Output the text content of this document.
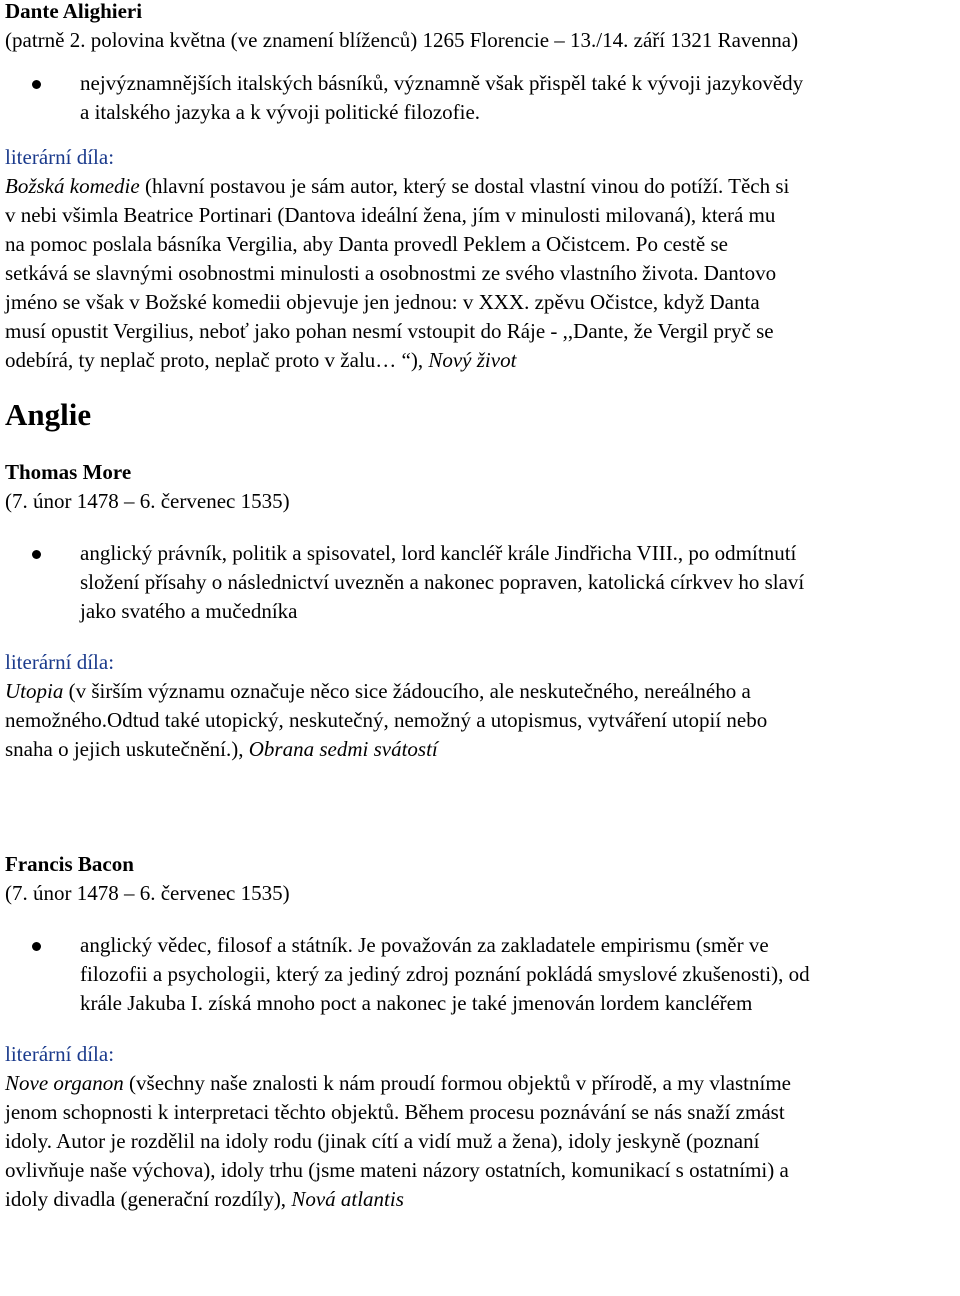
Dante Alighieri
(patrně 2. polovina května (ve znamení blíženců) 1265 Florencie – 13./14. září 1321 Ravenna)
nejvýznamnějších italských básníků, významně však přispěl také k vývoji jazykovědy
a italského jazyka a k vývoji politické filozofie.
literární díla:
Božská komedie (hlavní postavou je sám autor, který se dostal vlastní vinou do potíží. Těch si
v nebi všimla Beatrice Portinari (Dantova ideální žena, jím v minulosti milovaná), která mu
na pomoc poslala básníka Vergilia, aby Danta provedl Peklem a Očistcem. Po cestě se
setkává se slavnými osobnostmi minulosti a osobnostmi ze svého vlastního života. Dantovo
jméno se však v Božské komedii objevuje jen jednou: v XXX. zpěvu Očistce, když Danta
musí opustit Vergilius, neboť jako pohan nesmí vstoupit do Ráje - ,,Dante, že Vergil pryč se
odebírá, ty neplač proto, neplač proto v žalu… “), Nový život
Anglie
Thomas More
(7. únor 1478 – 6. červenec 1535)
anglický právník, politik a spisovatel, lord kancléř krále Jindřicha VIII., po odmítnutí
složení přísahy o následnictví uvezněn a nakonec popraven, katolická církvev ho slaví
jako svatého a mučedníka
literární díla:
Utopia (v širším významu označuje něco sice žádoucího, ale neskutečného, nereálného a
nemožného.Odtud také utopický, neskutečný, nemožný a utopismus, vytváření utopií nebo
snaha o jejich uskutečnění.), Obrana sedmi svátostí
Francis Bacon
(7. únor 1478 – 6. červenec 1535)
anglický vědec, filosof a státník. Je považován za zakladatele empirismu (směr ve
filozofii a psychologii, který za jediný zdroj poznání pokládá smyslové zkušenosti), od
krále Jakuba I. získá mnoho poct a nakonec je také jmenován lordem kancléřem
literární díla:
Nove organon (všechny naše znalosti k nám proudí formou objektů v přírodě, a my vlastníme
jenom schopnosti k interpretaci těchto objektů. Během procesu poznávání se nás snaží zmást
idoly. Autor je rozdělil na idoly rodu (jinak cítí a vidí muž a žena), idoly jeskyně (poznaní
ovlivňuje naše výchova), idoly trhu (jsme mateni názory ostatních, komunikací s ostatními) a
idoly divadla (generační rozdíly), Nová atlantis
